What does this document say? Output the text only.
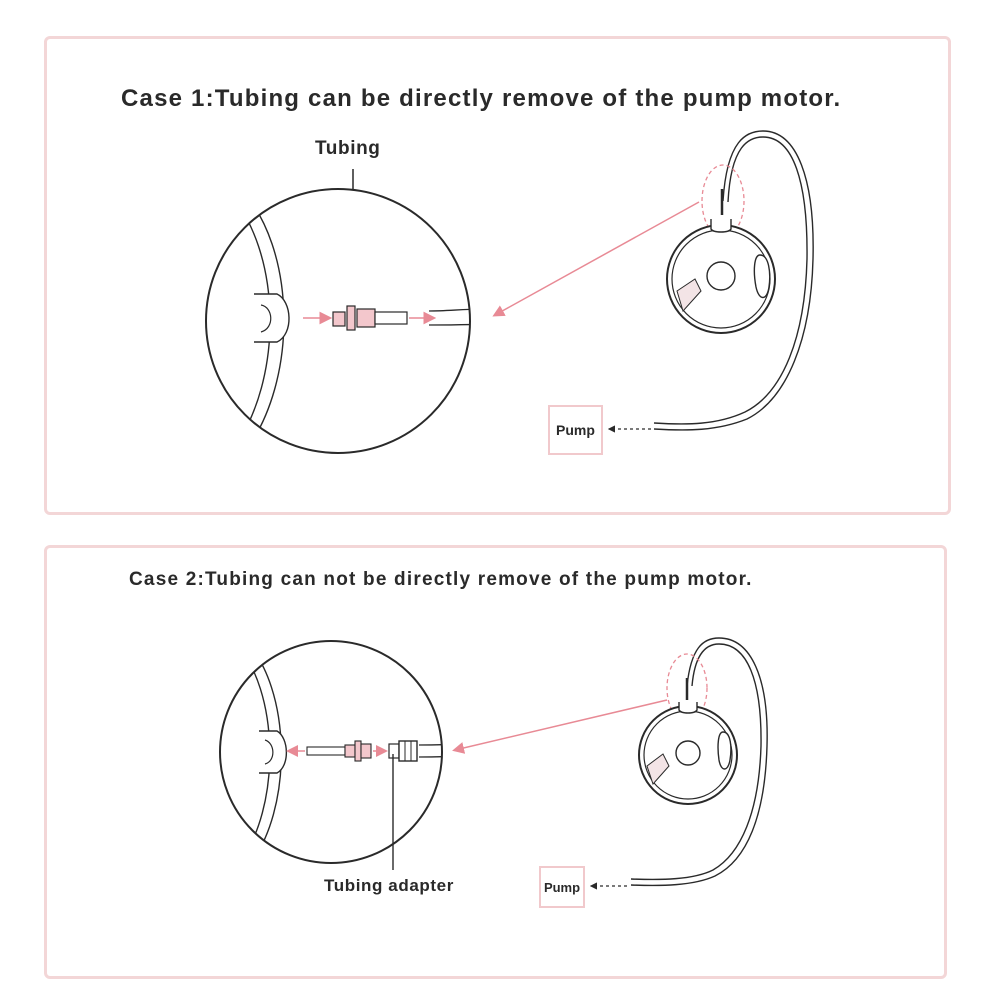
Case 1:Tubing can be directly remove of the pump motor.
Tubing
Pump
Case 2:Tubing can not be directly remove of the pump motor.
Tubing adapter	Pump
